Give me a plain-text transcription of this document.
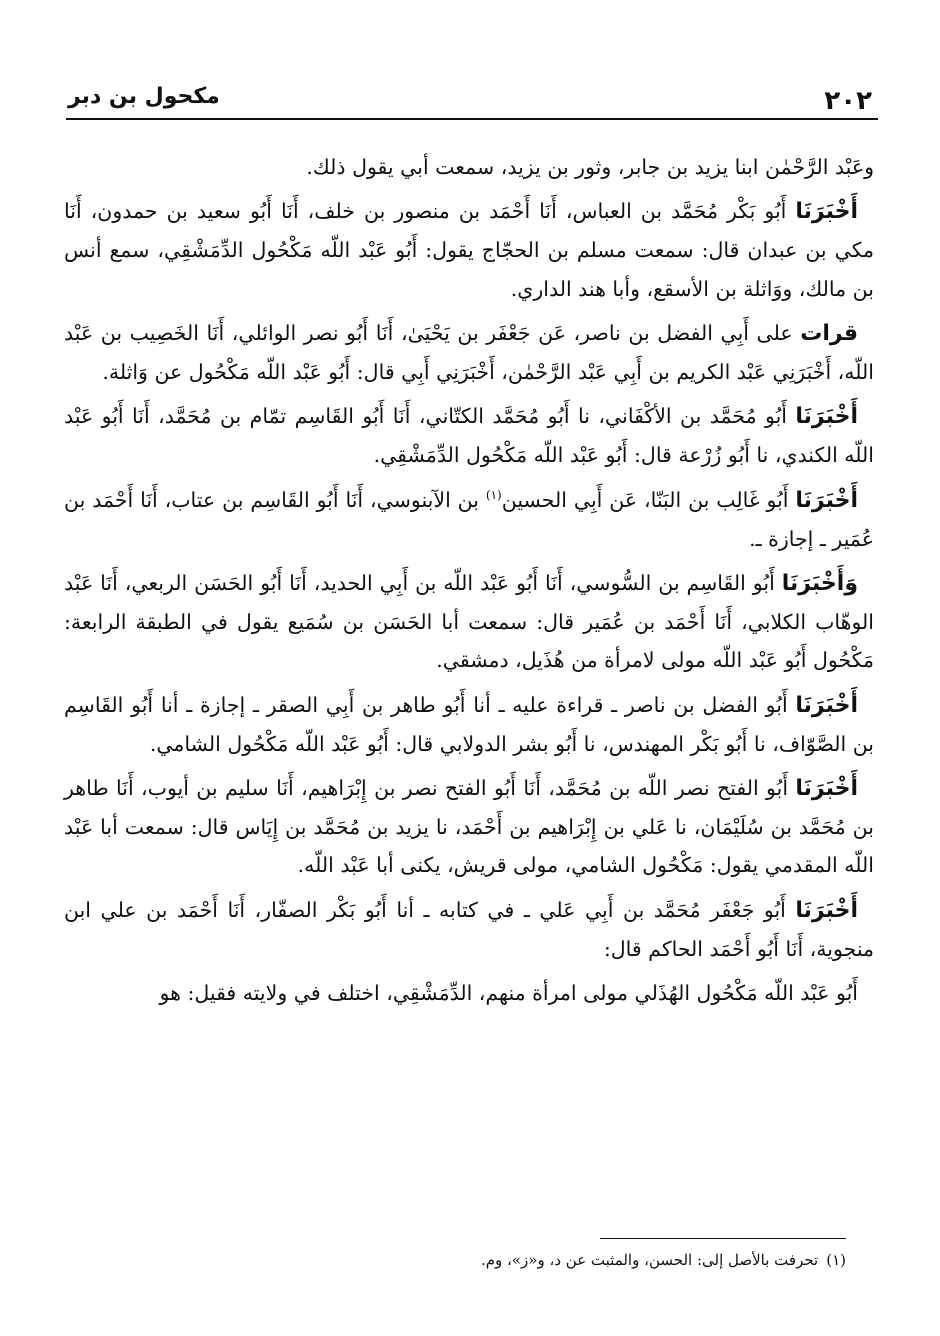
٢٠٢
مكحول بن دبر

وعَبْد الرَّحْمٰن ابنا يزيد بن جابر، وثور بن يزيد، سمعت أبي يقول ذلك.

أَخْبَرَنَا أَبُو بَكْر مُحَمَّد بن العباس، أَنَا أَحْمَد بن منصور بن خلف، أَنَا أَبُو سعيد بن حمدون، أَنَا مكي بن عبدان قال: سمعت مسلم بن الحجّاج يقول: أَبُو عَبْد اللّه مَكْحُول الدِّمَشْقِي، سمع أنس بن مالك، ووَاثلة بن الأسقع، وأبا هند الداري.

قرات على أَبِي الفضل بن ناصر، عَن جَعْفَر بن يَحْيَىٰ، أَنَا أَبُو نصر الوائلي، أَنَا الخَصِيب بن عَبْد اللّه، أَخْبَرَنِي عَبْد الكريم بن أَبِي عَبْد الرَّحْمٰن، أَخْبَرَنِي أَبِي قال: أَبُو عَبْد اللّه مَكْحُول عن وَاثلة.

أَخْبَرَنَا أَبُو مُحَمَّد بن الأكْفَاني، نا أَبُو مُحَمَّد الكتّاني، أَنَا أَبُو القَاسِم تمّام بن مُحَمَّد، أَنَا أَبُو عَبْد اللّه الكندي، نا أَبُو زُرْعة قال: أَبُو عَبْد اللّه مَكْحُول الدِّمَشْقِي.

أَخْبَرَنَا أَبُو غَالِب بن البَنّا، عَن أَبِي الحسين$^{(١)}$ بن الآبنوسي، أَنَا أَبُو القَاسِم بن عتاب، أَنَا أَحْمَد بن عُمَير ـ إجازة ـ.

وَأَخْبَرَنَا أَبُو القَاسِم بن السُّوسي، أَنَا أَبُو عَبْد اللّه بن أَبِي الحديد، أَنَا أَبُو الحَسَن الربعي، أَنَا عَبْد الوهّاب الكلابي، أَنَا أَحْمَد بن عُمَير قال: سمعت أبا الحَسَن بن سُمَيع يقول في الطبقة الرابعة: مَكْحُول أَبُو عَبْد اللّه مولى لامرأة من هُذَيل، دمشقي.

أَخْبَرَنَا أَبُو الفضل بن ناصر ـ قراءة عليه ـ أنا أَبُو طاهر بن أَبِي الصقر ـ إجازة ـ أنا أَبُو القَاسِم بن الصَّوّاف، نا أَبُو بَكْر المهندس، نا أَبُو بشر الدولابي قال: أَبُو عَبْد اللّه مَكْحُول الشامي.

أَخْبَرَنَا أَبُو الفتح نصر اللّه بن مُحَمَّد، أَنَا أَبُو الفتح نصر بن إِبْرَاهيم، أَنَا سليم بن أيوب، أَنَا طاهر بن مُحَمَّد بن سُلَيْمَان، نا عَلي بن إِبْرَاهيم بن أَحْمَد، نا يزيد بن مُحَمَّد بن إِيَاس قال: سمعت أبا عَبْد اللّه المقدمي يقول: مَكْحُول الشامي، مولى قريش، يكنى أبا عَبْد اللّه.

أَخْبَرَنَا أَبُو جَعْفَر مُحَمَّد بن أَبِي عَلي ـ في كتابه ـ أنا أَبُو بَكْر الصفّار، أَنَا أَحْمَد بن علي ابن منجوية، أَنَا أَبُو أَحْمَد الحاكم قال:

أَبُو عَبْد اللّه مَكْحُول الهُذَلي مولى امرأة منهم، الدِّمَشْقِي، اختلف في ولايته فقيل: هو

(١)تحرفت بالأصل إلى: الحسن، والمثبت عن د، و«ز»، وم.
